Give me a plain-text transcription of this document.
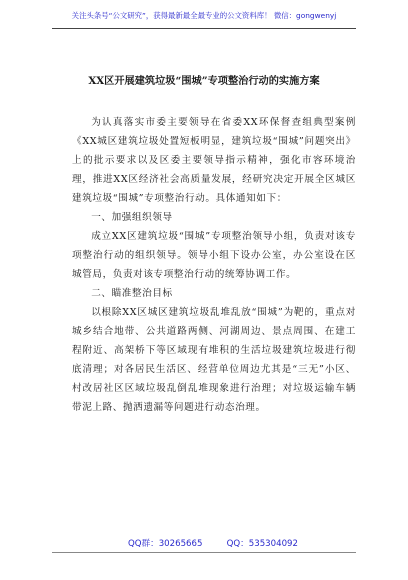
关注头条号“公文研究”，获得最新最全最专业的公文资料库！ 微信：gongwenyj
XX区开展建筑垃圾“围城”专项整治行动的实施方案

为认真落实市委主要领导在省委XX环保督查组典型案例《XX城区建筑垃圾处置短板明显，建筑垃圾“围城”问题突出》上的批示要求以及区委主要领导指示精神，强化市容环境治理，推进XX区经济社会高质量发展，经研究决定开展全区城区建筑垃圾“围城”专项整治行动。具体通知如下：

一、加强组织领导

成立XX区建筑垃圾“围城”专项整治领导小组，负责对该专项整治行动的组织领导。领导小组下设办公室，办公室设在区城管局，负责对该专项整治行动的统筹协调工作。

二、瞄准整治目标

以根除XX区城区建筑垃圾乱堆乱放“围城”为靶的，重点对城乡结合地带、公共道路两侧、河湖周边、景点周围、在建工程附近、高架桥下等区域现有堆积的生活垃圾建筑垃圾进行彻底清理；对各居民生活区、经营单位周边尤其是“三无”小区、村改居社区区域垃圾乱倒乱堆现象进行治理；对垃圾运输车辆带泥上路、抛洒遗漏等问题进行动态治理。

QQ群：30265665	QQ：535304092
